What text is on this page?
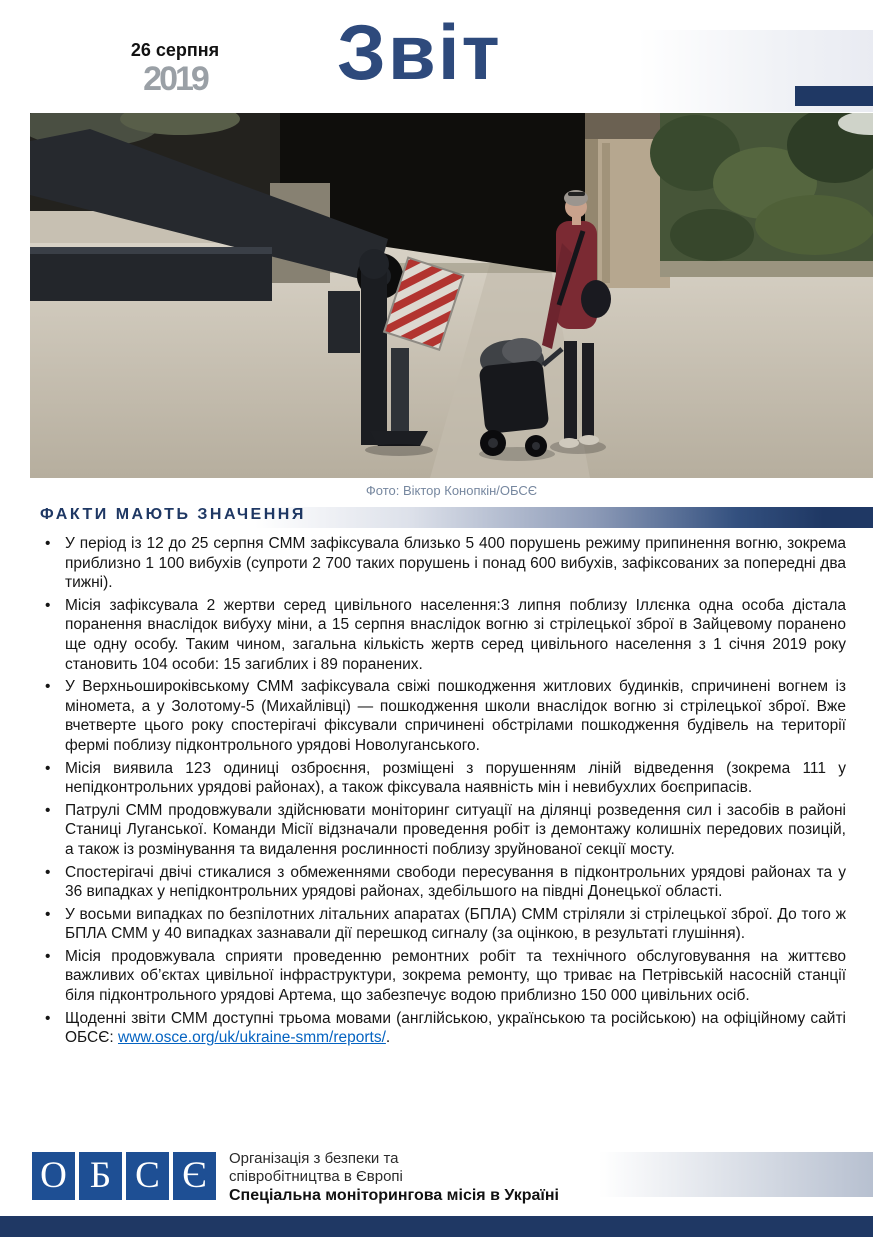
26 серпня
2019	Звіт
Фото: Віктор Конопкін/ОБСЄ
ФАКТИ МАЮТЬ ЗНАЧЕННЯ
• У період із 12 до 25 серпня СММ зафіксувала близько 5 400 порушень режиму припинення вогню, зокрема приблизно 1 100 вибухів (супроти 2 700 таких порушень і понад 600 вибухів, зафіксованих за попередні два тижні).
• Місія зафіксувала 2 жертви серед цивільного населення:3 липня поблизу Іллєнка одна особа дістала поранення внаслідок вибуху міни, а 15 серпня внаслідок вогню зі стрілецької зброї в Зайцевому поранено ще одну особу. Таким чином, загальна кількість жертв серед цивільного населення з 1 січня 2019 року становить 104 особи: 15 загиблих і 89 поранених.
• У Верхньошироківському СММ зафіксувала свіжі пошкодження житлових будинків, спричинені вогнем із міномета, а у Золотому-5 (Михайлівці) — пошкодження школи внаслідок вогню зі стрілецької зброї. Вже вчетверте цього року спостерігачі фіксували спричинені обстрілами пошкодження будівель на території фермі поблизу підконтрольного урядові Новолуганського.
• Місія виявила 123 одиниці озброєння, розміщені з порушенням ліній відведення (зокрема 111 у непідконтрольних урядові районах), а також фіксувала наявність мін і невибухлих боєприпасів.
• Патрулі СММ продовжували здійснювати моніторинг ситуації на ділянці розведення сил і засобів в районі Станиці Луганської. Команди Місії відзначали проведення робіт із демонтажу колишніх передових позицій, а також із розмінування та видалення рослинності поблизу зруйнованої секції мосту.
• Спостерігачі двічі стикалися з обмеженнями свободи пересування в підконтрольних урядові районах та у 36 випадках у непідконтрольних урядові районах, здебільшого на півдні Донецької області.
• У восьми випадках по безпілотних літальних апаратах (БПЛА) СММ стріляли зі стрілецької зброї. До того ж БПЛА СММ у 40 випадках зазнавали дії перешкод сигналу (за оцінкою, в результаті глушіння).
• Місія продовжувала сприяти проведенню ремонтних робіт та технічного обслуговування на життєво важливих об’єктах цивільної інфраструктури, зокрема ремонту, що триває на Петрівській насосній станції біля підконтрольного урядові Артема, що забезпечує водою приблизно 150 000 цивільних осіб.
• Щоденні звіти СММ доступні трьома мовами (англійською, українською та російською) на офіційному сайті ОБСЄ: www.osce.org/uk/ukraine-smm/reports/.
О Б С Є	Організація з безпеки та
співробітництва в Європі
Спеціальна моніторингова місія в Україні
